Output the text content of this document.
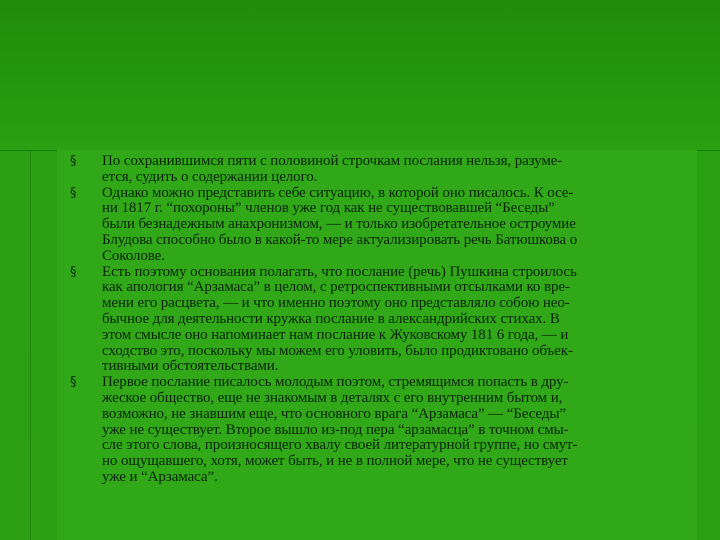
§	По сохранившимся пяти с половиной строчкам послания нельзя, разуме-
ется, судить о содержании целого.
§	Однако можно представить себе ситуацию, в которой оно писалось. К осе-
ни 1817 г. “похороны” членов уже год как не существовавшей “Беседы”
были безнадежным анахронизмом, — и только изобретательное остроумие
Блудова способно было в какой-то мере актуализировать речь Батюшкова о
Соколове.
§	Есть поэтому основания полагать, что послание (речь) Пушкина строилось
как апология “Арзамаса” в целом, с ретроспективными отсылками ко вре-
мени его расцвета, — и что именно поэтому оно представляло собою нео-
бычное для деятельности кружка послание в александрийских стихах. В
этом смысле оно напоминает нам послание к Жуковскому 181 6 года, — и
сходство это, поскольку мы можем его уловить, было продиктовано объек-
тивными обстоятельствами.
§	Первое послание писалось молодым поэтом, стремящимся попасть в дру-
жеское общество, еще не знакомым в деталях с его внутренним бытом и,
возможно, не знавшим еще, что основного врага “Арзамаса” — “Беседы”
уже не существует. Второе вышло из-под пера “арзамасца” в точном смы-
сле этого слова, произносящего хвалу своей литературной группе, но смут-
но ощущавшего, хотя, может быть, и не в полной мере, что не существует
уже и “Арзамаса”.
